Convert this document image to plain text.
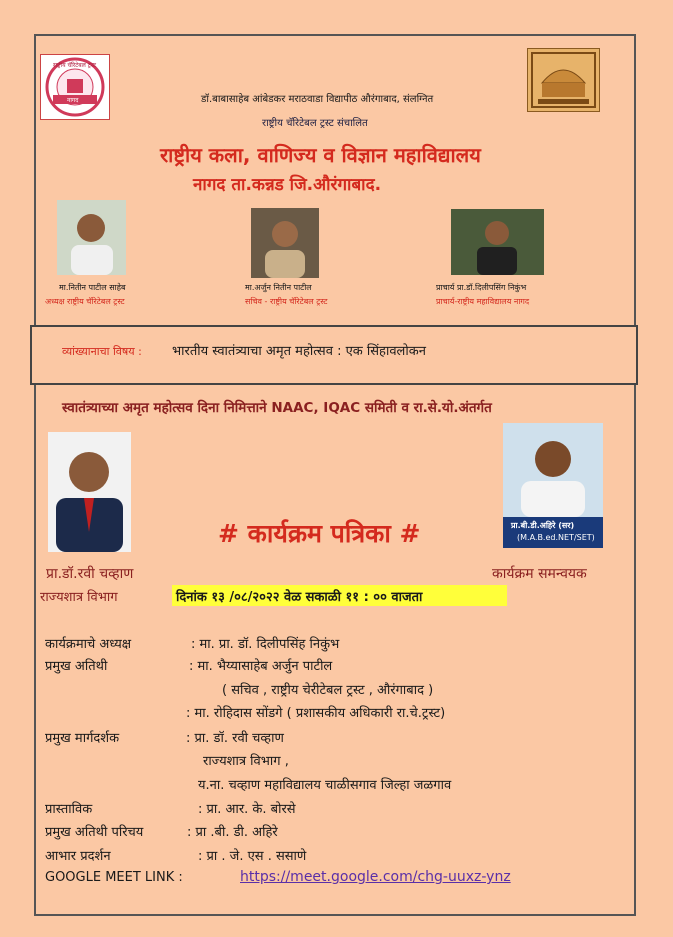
राष्ट्रीय चॅरिटेबल ट्रस्ट
नागद	डॉ.बाबासाहेब आंबेडकर मराठवाडा विद्यापीठ औरंगाबाद, संलग्नित
राष्ट्रीय चॅरिटेबल ट्रस्ट संचालित
राष्ट्रीय कला, वाणिज्य व विज्ञान महाविद्यालय
नागद ता.कन्नड जि.औरंगाबाद.
मा.नितीन पाटील साहेब
अध्यक्ष राष्ट्रीय चॅरिटेबल ट्रस्ट
मा.अर्जुन नितीन पाटील
सचिव - राष्ट्रीय चॅरिटेबल ट्रस्ट
प्राचार्य प्रा.डॉ.दिलीपसिंग निकुंभ
प्राचार्य-राष्ट्रीय महाविद्यालय नागद
व्यांख्यानाचा विषय : भारतीय स्वातंत्र्याचा अमृत महोत्सव : एक सिंहावलोकन
स्वातंत्र्याच्या अमृत महोत्सव दिना निमित्ताने NAAC, IQAC समिती व रा.से.यो.अंतर्गत
प्रा.बी.डी.अहिरे (सर)
(M.A.B.ed.NET/SET)
# कार्यक्रम पत्रिका #
प्रा.डॉ.रवी चव्हाण
राज्यशात्र विभाग
कार्यक्रम समन्वयक
दिनांक १३ /०८/२०२२ वेळ सकाळी ११ : ०० वाजता
कार्यक्रमाचे अध्यक्ष	: मा. प्रा. डॉ. दिलीपसिंह निकुंभ
प्रमुख अतिथी	: मा. भैय्यासाहेब अर्जुन पाटील
( सचिव , राष्ट्रीय चेरीटेबल ट्रस्ट , औरंगाबाद )
: मा. रोहिदास सोंडगे ( प्रशासकीय अधिकारी रा.चे.ट्रस्ट)
प्रमुख मार्गदर्शक	: प्रा. डॉ. रवी चव्हाण
राज्यशात्र विभाग ,
य.ना. चव्हाण महाविद्यालय चाळीसगाव जिल्हा जळगाव
प्रास्ताविक	: प्रा. आर. के. बोरसे
प्रमुख अतिथी परिचय	: प्रा .बी. डी. अहिरे
आभार प्रदर्शन	: प्रा . जे. एस . ससाणे
GOOGLE MEET LINK :	https://meet.google.com/chg-uuxz-ynz
